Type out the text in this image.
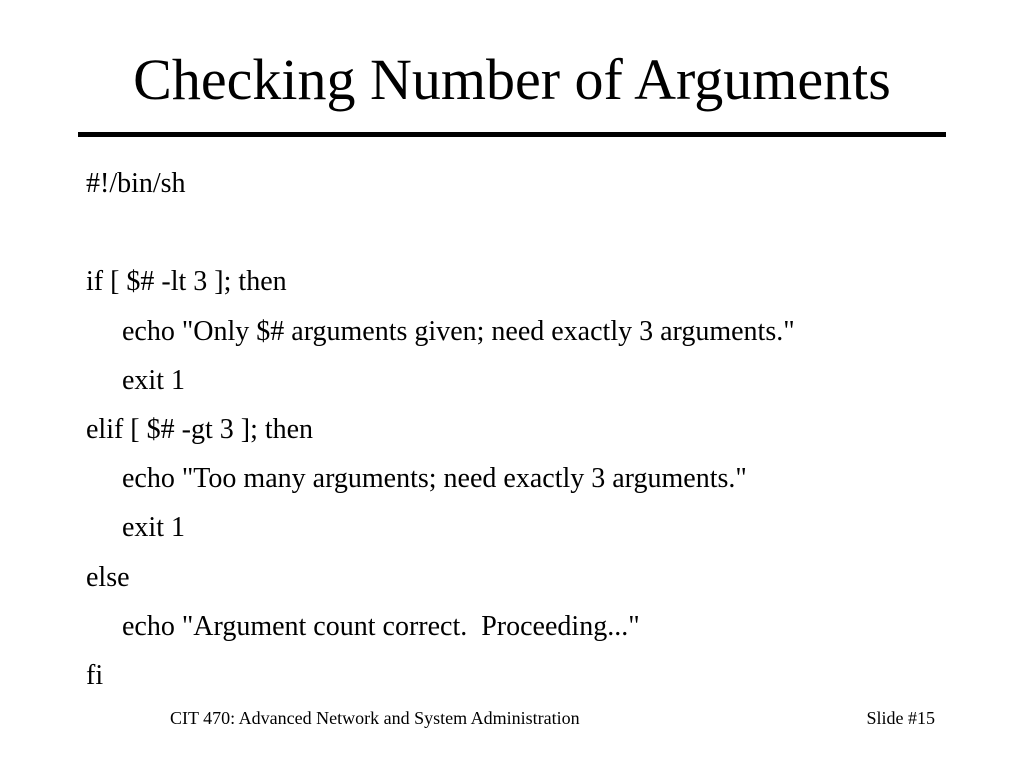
Checking Number of Arguments
#!/bin/sh
if [ $# -lt 3 ]; then
echo "Only $# arguments given; need exactly 3 arguments."
exit 1
elif [ $# -gt 3 ]; then
echo "Too many arguments; need exactly 3 arguments."
exit 1
else
echo "Argument count correct.  Proceeding..."
fi
CIT 470: Advanced Network and System Administration	Slide #15
